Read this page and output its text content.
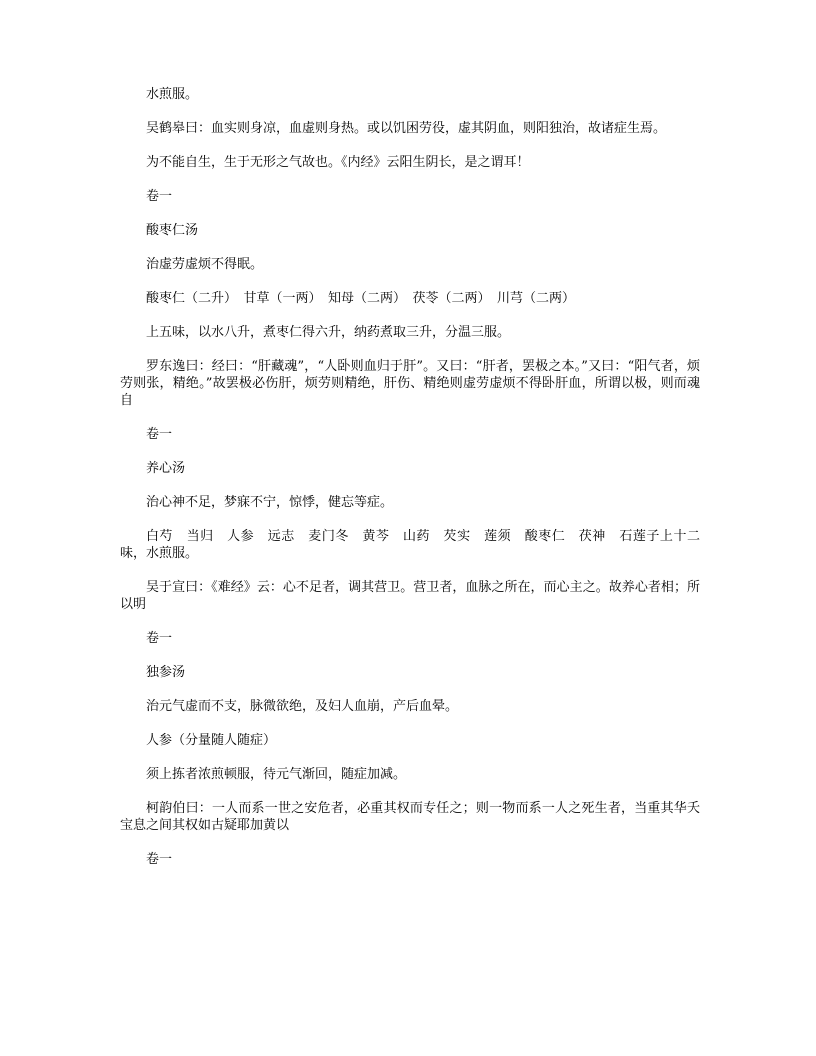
水煎服。

吴鹤皋曰：血实则身凉，血虚则身热。或以饥困劳役，虚其阴血，则阳独治，故诸症生焉。

为不能自生，生于无形之气故也。《内经》云阳生阴长，是之谓耳！

卷一

酸枣仁汤

治虚劳虚烦不得眠。

酸枣仁（二升）　甘草（一两）　知母（二两）　茯苓（二两）　川芎（二两）

上五味，以水八升，煮枣仁得六升，纳药煮取三升，分温三服。

罗东逸曰：经曰：“肝藏魂”，“人卧则血归于肝”。又曰：“肝者，罢极之本。”又曰：“阳气者，烦劳则张，精绝。”故罢极必伤肝，烦劳则精绝，肝伤、精绝则虚劳虚烦不得卧肝血，所谓以极，则而魂自

卷一

养心汤

治心神不足，梦寐不宁，惊悸，健忘等症。

白芍　当归　人参　远志　麦门冬　黄芩　山药　芡实　莲须　酸枣仁　茯神　石莲子上十二味，水煎服。

吴于宣曰：《难经》云：心不足者，调其营卫。营卫者，血脉之所在，而心主之。故养心者相；所以明

卷一

独参汤

治元气虚而不支，脉微欲绝，及妇人血崩，产后血晕。

人参（分量随人随症）

须上拣者浓煎顿服，待元气渐回，随症加减。

柯韵伯曰：一人而系一世之安危者，必重其权而专任之；则一物而系一人之死生者，当重其华夭宝息之间其权如古疑耶加黄以

卷一
